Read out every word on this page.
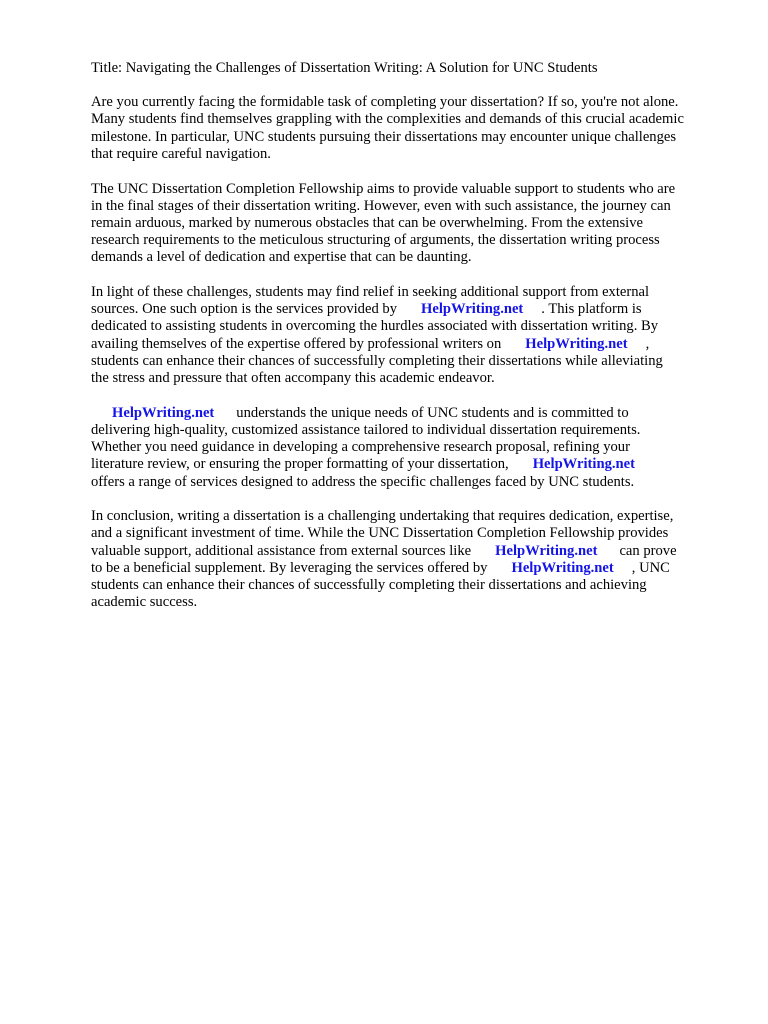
Title: Navigating the Challenges of Dissertation Writing: A Solution for UNC Students
Are you currently facing the formidable task of completing your dissertation? If so, you're not alone.
Many students find themselves grappling with the complexities and demands of this crucial academic
milestone. In particular, UNC students pursuing their dissertations may encounter unique challenges
that require careful navigation.
The UNC Dissertation Completion Fellowship aims to provide valuable support to students who are
in the final stages of their dissertation writing. However, even with such assistance, the journey can
remain arduous, marked by numerous obstacles that can be overwhelming. From the extensive
research requirements to the meticulous structuring of arguments, the dissertation writing process
demands a level of dedication and expertise that can be daunting.
In light of these challenges, students may find relief in seeking additional support from external
sources. One such option is the services provided by HelpWriting.net . This platform is
dedicated to assisting students in overcoming the hurdles associated with dissertation writing. By
availing themselves of the expertise offered by professional writers on HelpWriting.net ,
students can enhance their chances of successfully completing their dissertations while alleviating
the stress and pressure that often accompany this academic endeavor.
HelpWriting.net understands the unique needs of UNC students and is committed to
delivering high-quality, customized assistance tailored to individual dissertation requirements.
Whether you need guidance in developing a comprehensive research proposal, refining your
literature review, or ensuring the proper formatting of your dissertation, HelpWriting.net
offers a range of services designed to address the specific challenges faced by UNC students.
In conclusion, writing a dissertation is a challenging undertaking that requires dedication, expertise,
and a significant investment of time. While the UNC Dissertation Completion Fellowship provides
valuable support, additional assistance from external sources like HelpWriting.net can prove
to be a beneficial supplement. By leveraging the services offered by HelpWriting.net , UNC
students can enhance their chances of successfully completing their dissertations and achieving
academic success.
